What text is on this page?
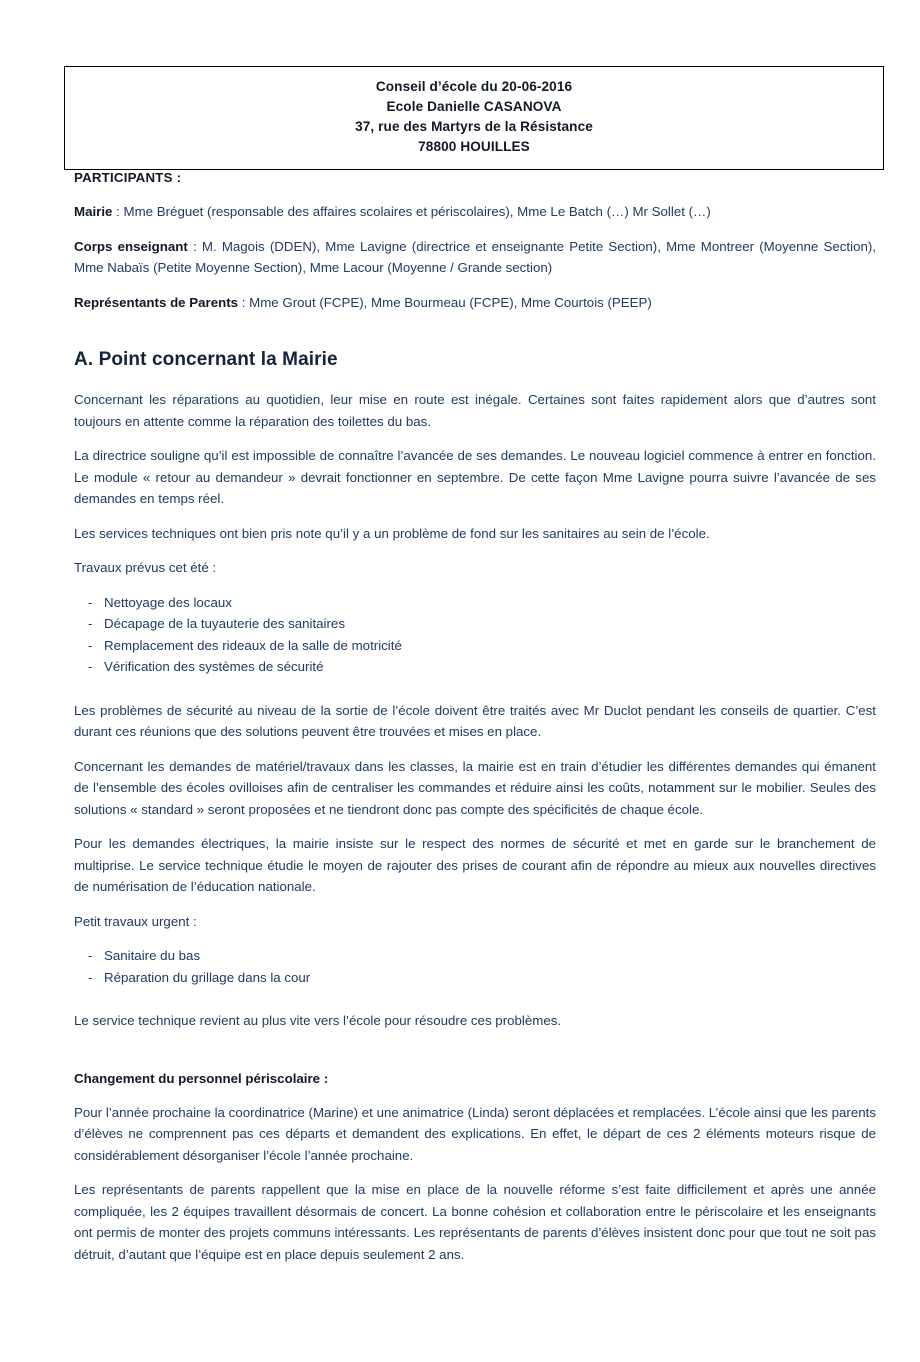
Conseil d’école du 20-06-2016
Ecole Danielle CASANOVA
37, rue des Martyrs de la Résistance
78800 HOUILLES
PARTICIPANTS :

Mairie : Mme Bréguet (responsable des affaires scolaires et périscolaires), Mme Le Batch (…) Mr Sollet (…)

Corps enseignant : M. Magois (DDEN), Mme Lavigne (directrice et enseignante Petite Section), Mme Montreer (Moyenne Section), Mme Nabaïs (Petite Moyenne Section), Mme Lacour (Moyenne / Grande section)

Représentants de Parents : Mme Grout (FCPE), Mme Bourmeau (FCPE), Mme Courtois (PEEP)

A. Point concernant la Mairie

Concernant les réparations au quotidien, leur mise en route est inégale. Certaines sont faites rapidement alors que d’autres sont toujours en attente comme la réparation des toilettes du bas.

La directrice souligne qu’il est impossible de connaître l’avancée de ses demandes. Le nouveau logiciel commence à entrer en fonction. Le module « retour au demandeur » devrait fonctionner en septembre. De cette façon Mme Lavigne pourra suivre l’avancée de ses demandes en temps réel.

Les services techniques ont bien pris note qu’il y a un problème de fond sur les sanitaires au sein de l’école.

Travaux prévus cet été :

- Nettoyage des locaux
- Décapage de la tuyauterie des sanitaires
- Remplacement des rideaux de la salle de motricité
- Vérification des systèmes de sécurité

Les problèmes de sécurité au niveau de la sortie de l’école doivent être traités avec Mr Duclot pendant les conseils de quartier. C’est durant ces réunions que des solutions peuvent être trouvées et mises en place.

Concernant les demandes de matériel/travaux dans les classes, la mairie est en train d’étudier les différentes demandes qui émanent de l’ensemble des écoles ovilloises afin de centraliser les commandes et réduire ainsi les coûts, notamment sur le mobilier. Seules des solutions « standard » seront proposées et ne tiendront donc pas compte des spécificités de chaque école.

Pour les demandes électriques, la mairie insiste sur le respect des normes de sécurité et met en garde sur le branchement de multiprise. Le service technique étudie le moyen de rajouter des prises de courant afin de répondre au mieux aux nouvelles directives de numérisation de l’éducation nationale.

Petit travaux urgent :

- Sanitaire du bas
- Réparation du grillage dans la cour

Le service technique revient au plus vite vers l’école pour résoudre ces problèmes.

Changement du personnel périscolaire :

Pour l’année prochaine la coordinatrice (Marine) et une animatrice (Linda) seront déplacées et remplacées. L’école ainsi que les parents d’élèves ne comprennent pas ces départs et demandent des explications. En effet, le départ de ces 2 éléments moteurs risque de considérablement désorganiser l’école l’année prochaine.

Les représentants de parents rappellent que la mise en place de la nouvelle réforme s’est faite difficilement et après une année compliquée, les 2 équipes travaillent désormais de concert. La bonne cohésion et collaboration entre le périscolaire et les enseignants ont permis de monter des projets communs intéressants. Les représentants de parents d’élèves insistent donc pour que tout ne soit pas détruit, d’autant que l’équipe est en place depuis seulement 2 ans.
